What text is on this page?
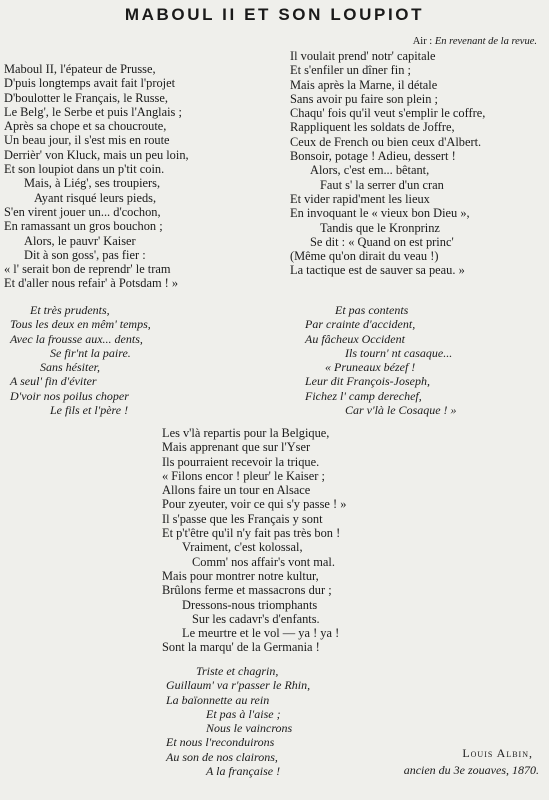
MABOUL II ET SON LOUPIOT
Air : En revenant de la revue.
Maboul II, l'épateur de Prusse,
D'puis longtemps avait fait l'projet
D'boulotter le Français, le Russe,
Le Belg', le Serbe et puis l'Anglais ;
Après sa chope et sa choucroute,
Un beau jour, il s'est mis en route
Derrièr' von Kluck, mais un peu loin,
Et son loupiot dans un p'tit coin.
Mais, à Liég', ses troupiers,
Ayant risqué leurs pieds,
S'en virent jouer un... d'cochon,
En ramassant un gros bouchon ;
Alors, le pauvr' Kaiser
Dit à son goss', pas fier :
« l' serait bon de reprendr' le tram
Et d'aller nous refair' à Potsdam ! »
Il voulait prend' notr' capitale
Et s'enfiler un dîner fin ;
Mais après la Marne, il détale
Sans avoir pu faire son plein ;
Chaqu' fois qu'il veut s'emplir le coffre,
Rappliquent les soldats de Joffre,
Ceux de French ou bien ceux d'Albert.
Bonsoir, potage ! Adieu, dessert !
Alors, c'est em... bêtant,
Faut s' la serrer d'un cran
Et vider rapid'ment les lieux
En invoquant le « vieux bon Dieu »,
Tandis que le Kronprinz
Se dit : « Quand on est princ'
(Même qu'on dirait du veau !)
La tactique est de sauver sa peau. »
Et très prudents,
Tous les deux en mêm' temps,
Avec la frousse aux... dents,
Se fir'nt la paire.
Sans hésiter,
A seul' fin d'éviter
D'voir nos poilus choper
Le fils et l'père !
Et pas contents
Par crainte d'accident,
Au fâcheux Occident
Ils tourn' nt casaque...
« Pruneaux bézef !
Leur dit François-Joseph,
Fichez l' camp derechef,
Car v'là le Cosaque ! »
Les v'là repartis pour la Belgique,
Mais apprenant que sur l'Yser
Ils pourraient recevoir la trique.
« Filons encor ! pleur' le Kaiser ;
Allons faire un tour en Alsace
Pour zyeuter, voir ce qui s'y passe ! »
Il s'passe que les Français y sont
Et p't'être qu'il n'y fait pas très bon !
Vraiment, c'est kolossal,
Comm' nos affair's vont mal.
Mais pour montrer notre kultur,
Brûlons ferme et massacrons dur ;
Dressons-nous triomphants
Sur les cadavr's d'enfants.
Le meurtre et le vol — ya ! ya !
Sont la marqu' de la Germania !
Triste et chagrin,
Guillaum' va r'passer le Rhin,
La baïonnette au rein
Et pas à l'aise ;
Nous le vaincrons
Et nous l'reconduirons
Au son de nos clairons,
A la française !
Louis Albin,
ancien du 3e zouaves, 1870.
